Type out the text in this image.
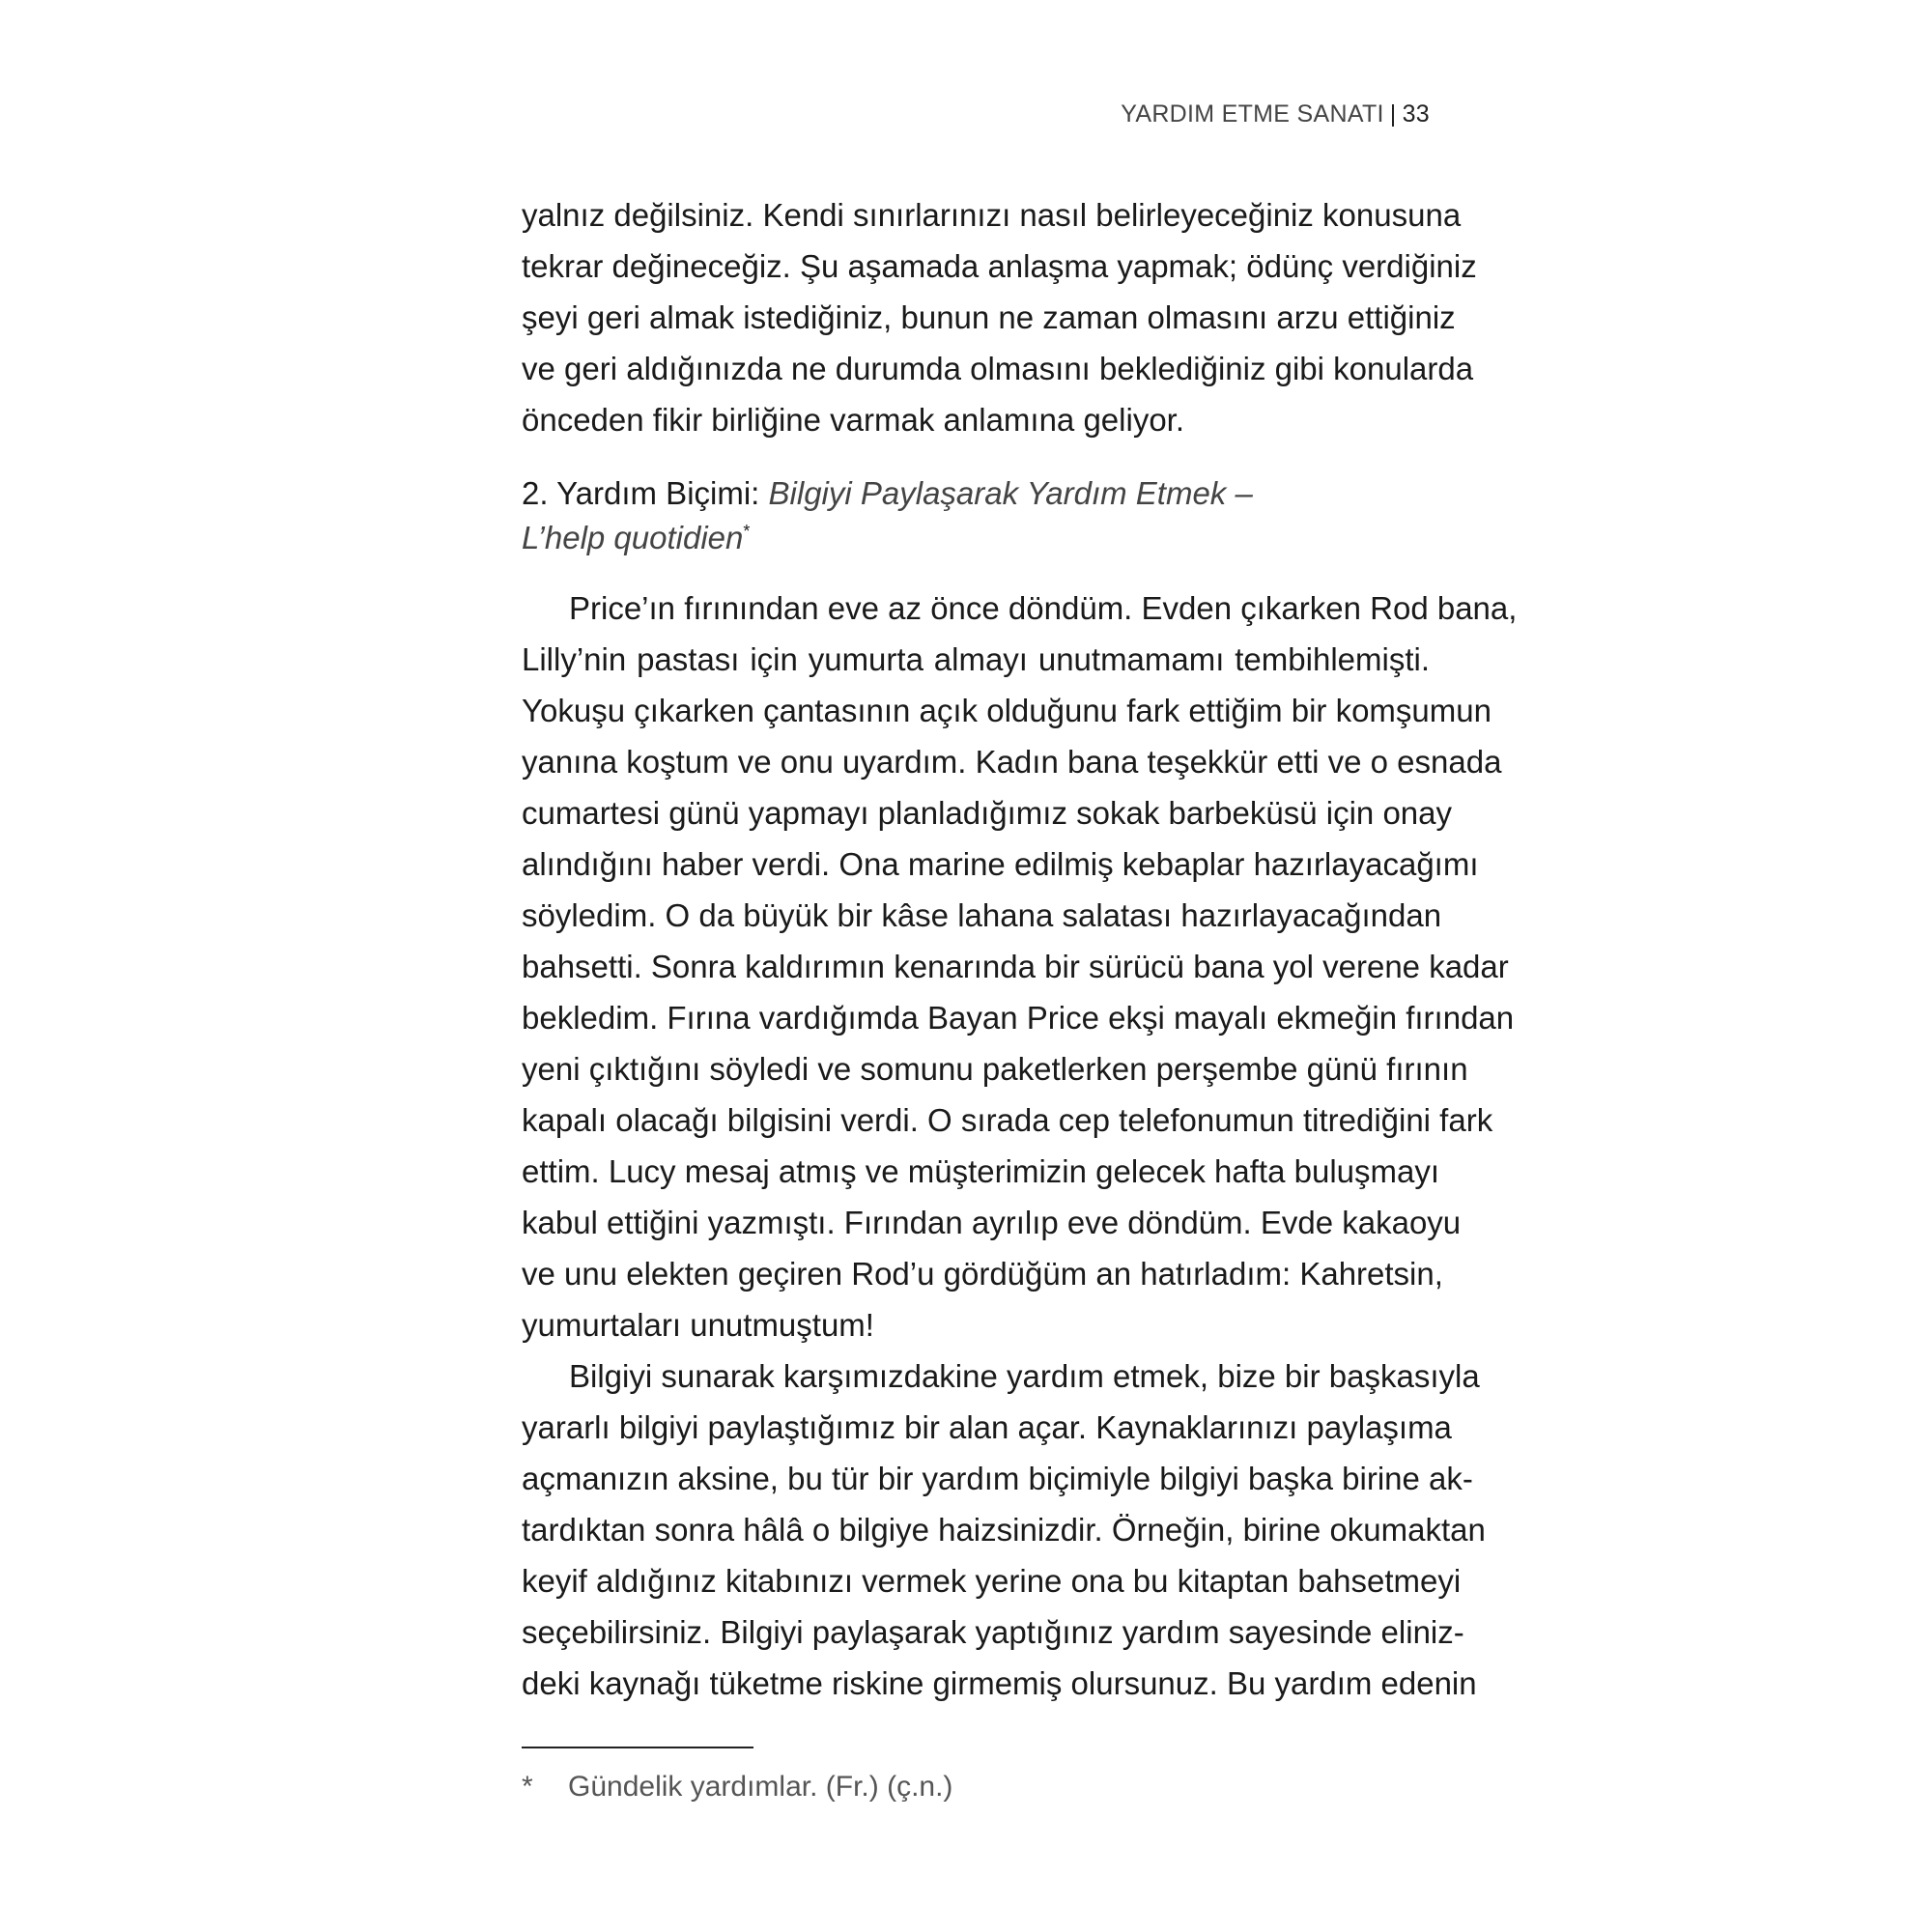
YARDIM ETME SANATI | 33
yalnız değilsiniz. Kendi sınırlarınızı nasıl belirleyeceğiniz konusuna
tekrar değineceğiz. Şu aşamada anlaşma yapmak; ödünç verdiğiniz
şeyi geri almak istediğiniz, bunun ne zaman olmasını arzu ettiğiniz
ve geri aldığınızda ne durumda olmasını beklediğiniz gibi konularda
önceden fikir birliğine varmak anlamına geliyor.
2. Yardım Biçimi: Bilgiyi Paylaşarak Yardım Etmek –
L’help quotidien*
Price’ın fırınından eve az önce döndüm. Evden çıkarken Rod bana,
Lilly’nin pastası için yumurta almayı unutmamamı tembihlemişti.
Yokuşu çıkarken çantasının açık olduğunu fark ettiğim bir komşumun
yanına koştum ve onu uyardım. Kadın bana teşekkür etti ve o esnada
cumartesi günü yapmayı planladığımız sokak barbeküsü için onay
alındığını haber verdi. Ona marine edilmiş kebaplar hazırlayacağımı
söyledim. O da büyük bir kâse lahana salatası hazırlayacağından
bahsetti. Sonra kaldırımın kenarında bir sürücü bana yol verene kadar
bekledim. Fırına vardığımda Bayan Price ekşi mayalı ekmeğin fırından
yeni çıktığını söyledi ve somunu paketlerken perşembe günü fırının
kapalı olacağı bilgisini verdi. O sırada cep telefonumun titrediğini fark
ettim. Lucy mesaj atmış ve müşterimizin gelecek hafta buluşmayı
kabul ettiğini yazmıştı. Fırından ayrılıp eve döndüm. Evde kakaoyu
ve unu elekten geçiren Rod’u gördüğüm an hatırladım: Kahretsin,
yumurtaları unutmuştum!
Bilgiyi sunarak karşımızdakine yardım etmek, bize bir başkasıyla
yararlı bilgiyi paylaştığımız bir alan açar. Kaynaklarınızı paylaşıma
açmanızın aksine, bu tür bir yardım biçimiyle bilgiyi başka birine ak-
tardıktan sonra hâlâ o bilgiye haizsinizdir. Örneğin, birine okumaktan
keyif aldığınız kitabınızı vermek yerine ona bu kitaptan bahsetmeyi
seçebilirsiniz. Bilgiyi paylaşarak yaptığınız yardım sayesinde eliniz-
deki kaynağı tüketme riskine girmemiş olursunuz. Bu yardım edenin
* Gündelik yardımlar. (Fr.) (ç.n.)
